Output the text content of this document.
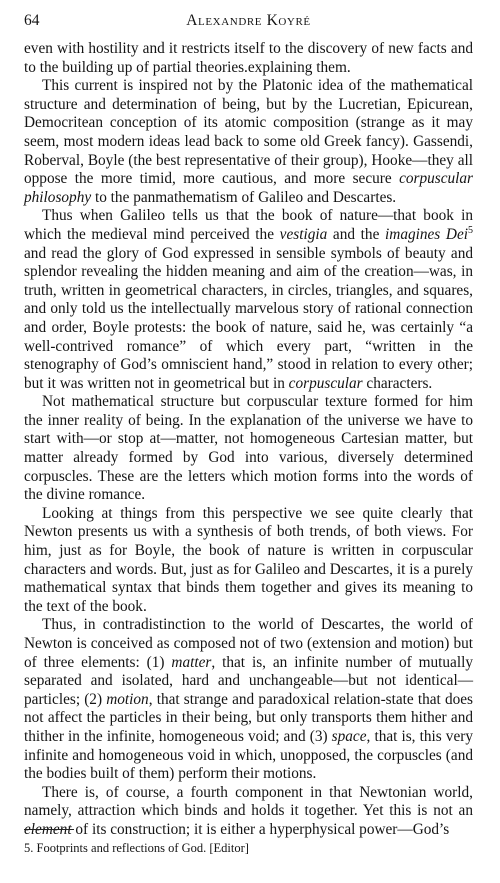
64	Alexandre Koyré

even with hostility and it restricts itself to the discovery of new facts and to the building up of partial theories.explaining them.

This current is inspired not by the Platonic idea of the mathematical structure and determination of being, but by the Lucretian, Epicurean, Democritean conception of its atomic composition (strange as it may seem, most modern ideas lead back to some old Greek fancy). Gassendi, Roberval, Boyle (the best representative of their group), Hooke—they all oppose the more timid, more cautious, and more secure corpuscular philosophy to the panmathematism of Galileo and Descartes.

Thus when Galileo tells us that the book of nature—that book in which the medieval mind perceived the vestigia and the imagines Dei$^5$ and read the glory of God expressed in sensible symbols of beauty and splendor revealing the hidden meaning and aim of the creation—was, in truth, written in geometrical characters, in circles, triangles, and squares, and only told us the intellectually marvelous story of rational connection and order, Boyle protests: the book of nature, said he, was certainly “a well-contrived romance” of which every part, “written in the stenography of God’s omniscient hand,” stood in relation to every other; but it was written not in geometrical but in corpuscular characters.

Not mathematical structure but corpuscular texture formed for him the inner reality of being. In the explanation of the universe we have to start with—or stop at—matter, not homogeneous Cartesian matter, but matter already formed by God into various, diversely determined corpuscles. These are the letters which motion forms into the words of the divine romance.

Looking at things from this perspective we see quite clearly that Newton presents us with a synthesis of both trends, of both views. For him, just as for Boyle, the book of nature is written in corpuscular characters and words. But, just as for Galileo and Descartes, it is a purely mathematical syntax that binds them together and gives its meaning to the text of the book.

Thus, in contradistinction to the world of Descartes, the world of Newton is conceived as composed not of two (extension and motion) but of three elements: (1) matter, that is, an infinite number of mutually separated and isolated, hard and unchangeable—but not identical—particles; (2) motion, that strange and paradoxical relation-state that does not affect the particles in their being, but only transports them hither and thither in the infinite, homogeneous void; and (3) space, that is, this very infinite and homogeneous void in which, unopposed, the corpuscles (and the bodies built of them) perform their motions.

There is, of course, a fourth component in that Newtonian world, namely, attraction which binds and holds it together. Yet this is not an element of its construction; it is either a hyperphysical power—God’s

5. Footprints and reflections of God. [Editor]
